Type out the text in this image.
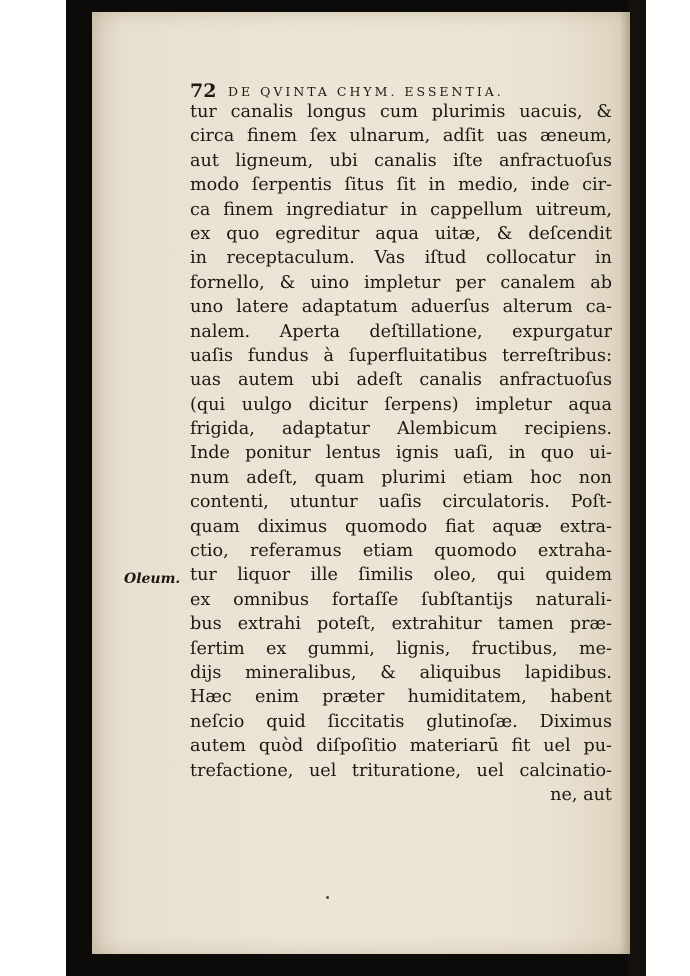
72 DE QVINTA CHYM. ESSENTIA.
Oleum.
tur canalis longus cum plurimis uacuis, &
circa finem ſex ulnarum, adſit uas æneum,
aut ligneum, ubi canalis iſte anfractuoſus
modo ſerpentis ſitus ſit in medio, inde cir-
ca finem ingrediatur in cappellum uitreum,
ex quo egreditur aqua uitæ, & deſcendit
in receptaculum. Vas iſtud collocatur in
fornello, & uino impletur per canalem ab
uno latere adaptatum aduerſus alterum ca-
nalem. Aperta deſtillatione, expurgatur
uaſis fundus à ſuperfluitatibus terreſtribus:
uas autem ubi adeſt canalis anfractuoſus
(qui uulgo dicitur ſerpens) impletur aqua
frigida, adaptatur Alembicum recipiens.
Inde ponitur lentus ignis uaſi, in quo ui-
num adeſt, quam plurimi etiam hoc non
contenti, utuntur uaſis circulatoris. Poſt-
quam diximus quomodo fiat aquæ extra-
ctio, referamus etiam quomodo extraha-
tur liquor ille ſimilis oleo, qui quidem
ex omnibus fortaſſe ſubſtantijs naturali-
bus extrahi poteſt, extrahitur tamen præ-
ſertim ex gummi, lignis, fructibus, me-
dijs mineralibus, & aliquibus lapidibus.
Hæc enim præter humiditatem, habent
neſcio quid ſiccitatis glutinoſæ. Diximus
autem quòd diſpoſitio materiarū fit uel pu-
trefactione, uel trituratione, uel calcinatio-
ne, aut
